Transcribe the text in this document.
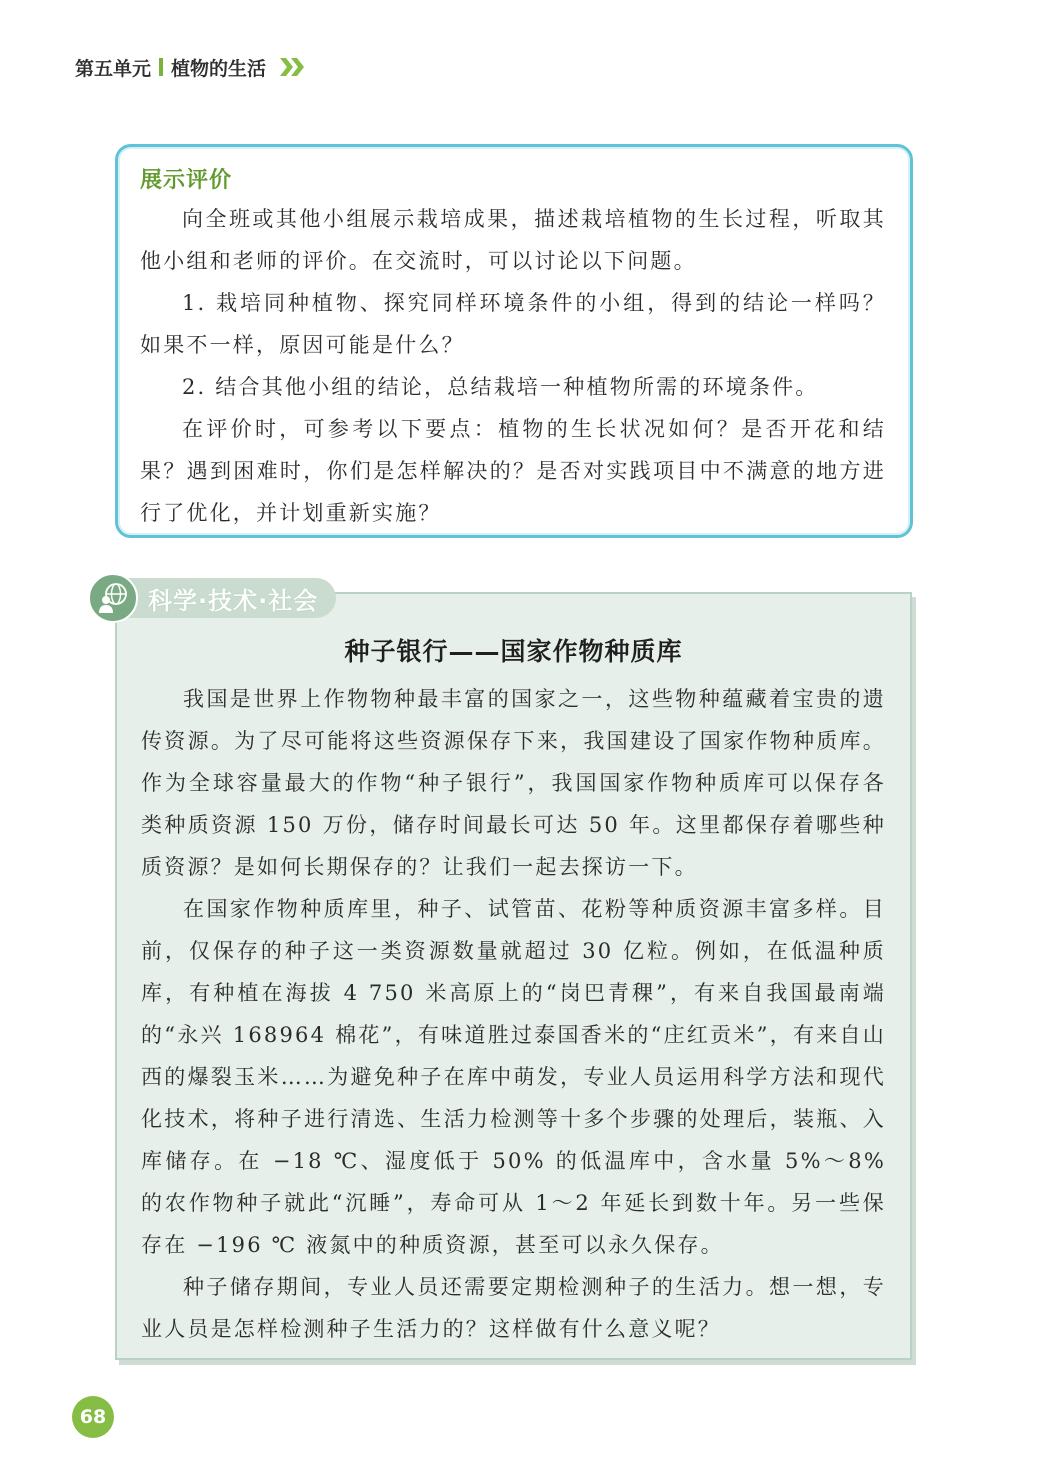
第五单元 植物的生活
展示评价

向全班或其他小组展示栽培成果，描述栽培植物的生长过程，听取其他小组和老师的评价。在交流时，可以讨论以下问题。

1. 栽培同种植物、探究同样环境条件的小组，得到的结论一样吗？如果不一样，原因可能是什么？

2. 结合其他小组的结论，总结栽培一种植物所需的环境条件。

在评价时，可参考以下要点：植物的生长状况如何？是否开花和结果？遇到困难时，你们是怎样解决的？是否对实践项目中不满意的地方进行了优化，并计划重新实施？

种子银行——国家作物种质库

我国是世界上作物物种最丰富的国家之一，这些物种蕴藏着宝贵的遗传资源。为了尽可能将这些资源保存下来，我国建设了国家作物种质库。作为全球容量最大的作物“种子银行”，我国国家作物种质库可以保存各类种质资源 150 万份，储存时间最长可达 50 年。这里都保存着哪些种质资源？是如何长期保存的？让我们一起去探访一下。

在国家作物种质库里，种子、试管苗、花粉等种质资源丰富多样。目前，仅保存的种子这一类资源数量就超过 30 亿粒。例如，在低温种质库，有种植在海拔 4 750 米高原上的“岗巴青稞”，有来自我国最南端的“永兴 168964 棉花”，有味道胜过泰国香米的“庄红贡米”，有来自山西的爆裂玉米……为避免种子在库中萌发，专业人员运用科学方法和现代化技术，将种子进行清选、生活力检测等十多个步骤的处理后，装瓶、入库储存。在 −18 ℃、湿度低于 50% 的低温库中，含水量 5%～8% 的农作物种子就此“沉睡”，寿命可从 1～2 年延长到数十年。另一些保存在 −196 ℃ 液氮中的种质资源，甚至可以永久保存。

种子储存期间，专业人员还需要定期检测种子的生活力。想一想，专业人员是怎样检测种子生活力的？这样做有什么意义呢？

科学·技术·社会
68
